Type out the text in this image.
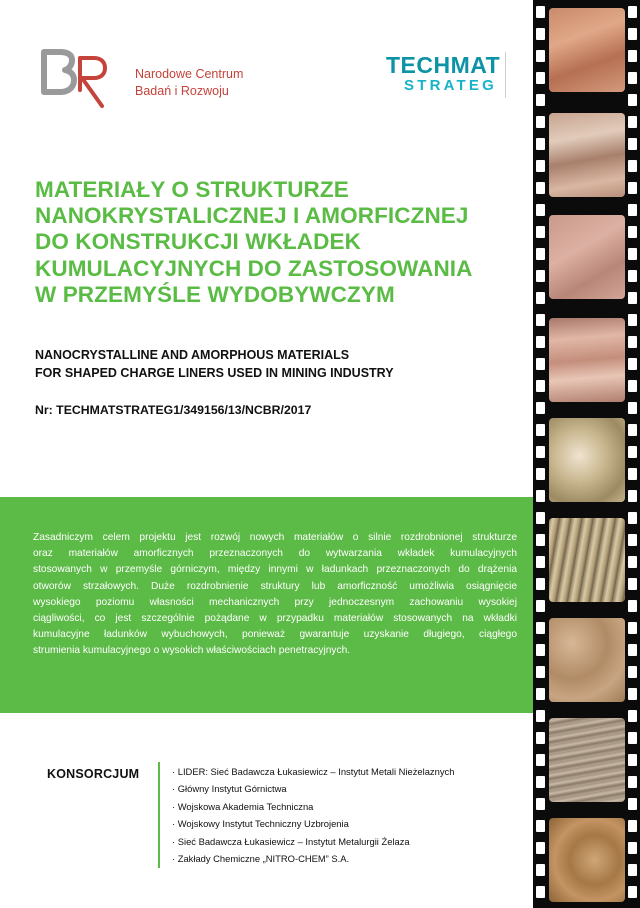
Narodowe Centrum
Badań i Rozwoju
TECHMAT
STRATEG
MATERIAŁY O STRUKTURZE
NANOKRYSTALICZNEJ I AMORFICZNEJ
DO KONSTRUKCJI WKŁADEK
KUMULACYJNYCH DO ZASTOSOWANIA
W PRZEMYŚLE WYDOBYWCZYM
NANOCRYSTALLINE AND AMORPHOUS MATERIALS
FOR SHAPED CHARGE LINERS USED IN MINING INDUSTRY
Nr: TECHMATSTRATEG1/349156/13/NCBR/2017
Zasadniczym celem projektu jest rozwój nowych materiałów o silnie rozdrobnionej strukturze
oraz materiałów amorficznych przeznaczonych do wytwarzania wkładek kumulacyjnych
stosowanych w przemyśle górniczym, między innymi w ładunkach przeznaczonych do drążenia
otworów strzałowych. Duże rozdrobnienie struktury lub amorficzność umożliwia osiągnięcie
wysokiego poziomu własności mechanicznych przy jednoczesnym zachowaniu wysokiej
ciągliwości, co jest szczególnie pożądane w przypadku materiałów stosowanych na wkładki
kumulacyjne ładunków wybuchowych, ponieważ gwarantuje uzyskanie długiego, ciągłego
strumienia kumulacyjnego o wysokich właściwościach penetracyjnych.
KONSORCJUM
·	LIDER: Sieć Badawcza Łukasiewicz – Instytut Metali Nieżelaznych
· Główny Instytut Górnictwa
· Wojskowa Akademia Techniczna
· Wojskowy Instytut Techniczny Uzbrojenia
· Sieć Badawcza Łukasiewicz – Instytut Metalurgii Żelaza
· Zakłady Chemiczne „NITRO-CHEM” S.A.
